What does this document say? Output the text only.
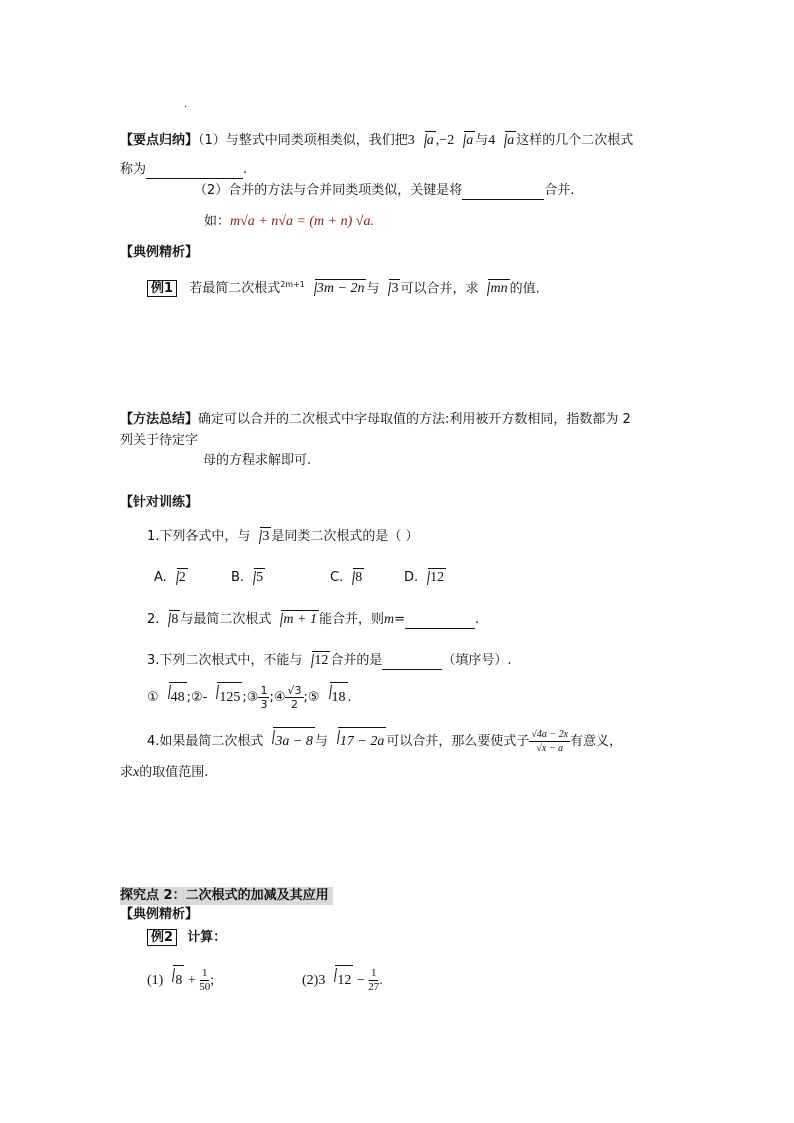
.
【要点归纳】（1）与整式中同类项相类似，我们把3 a ,−2 a 与4 a 这样的几个二次根式
称为	.
（2）合并的方法与合并同类项类似，关键是将	合并.
如：m√a + n√a = (m + n) √a.
【典例精析】
例1 若最简二次根式$^{2m+1}$ 3m − 2n 与 3 可以合并，求 mn 的值.
【方法总结】确定可以合并的二次根式中字母取值的方法:利用被开方数相同，指数都为 2
列关于待定字
母的方程求解即可.
【针对训练】
1.下列各式中，与 3 是同类二次根式的是（ ）
A. 2	B. 5	C. 8	D. 12
2. 8 与最简二次根式 m + 1 能合并，则m=	.
3.下列二次根式中，不能与 12 合并的是	（填序号）.
① 48 ;②- 125 ;③ $\frac{1}{3}$ ;④ $\frac{√3}{2}$ ;⑤ 18 .
4.如果最简二次根式 3a − 8 与 17 − 2a 可以合并，那么要使式子 $\frac{√4a - 2x}{√x - a}$ 有意义，
求x的取值范围.
探究点 2：二次根式的加减及其应用
【典例精析】
例2 计算：
(1) $8 + \frac{1}{50}$ ;	(2)3 $12 - \frac{1}{27}$ .
